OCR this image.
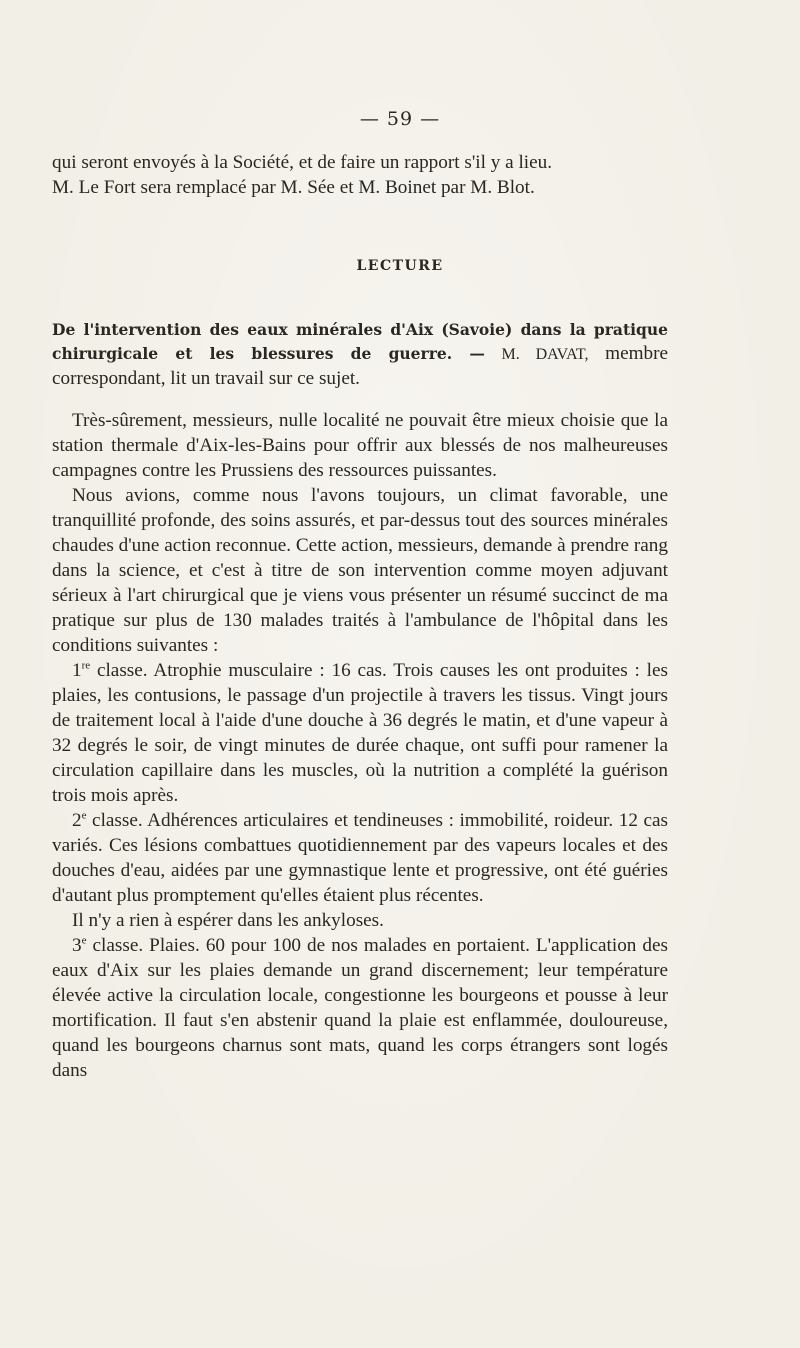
— 59 —

qui seront envoyés à la Société, et de faire un rapport s'il y a lieu.

M. Le Fort sera remplacé par M. Sée et M. Boinet par M. Blot.

LECTURE

De l'intervention des eaux minérales d'Aix (Savoie) dans la pratique chirurgicale et les blessures de guerre. — M. DAVAT, membre correspondant, lit un travail sur ce sujet.

Très-sûrement, messieurs, nulle localité ne pouvait être mieux choisie que la station thermale d'Aix-les-Bains pour offrir aux blessés de nos malheureuses campagnes contre les Prussiens des ressources puissantes.

Nous avions, comme nous l'avons toujours, un climat favorable, une tranquillité profonde, des soins assurés, et par-dessus tout des sources minérales chaudes d'une action reconnue. Cette action, messieurs, demande à prendre rang dans la science, et c'est à titre de son intervention comme moyen adjuvant sérieux à l'art chirurgical que je viens vous présenter un résumé succinct de ma pratique sur plus de 130 malades traités à l'ambulance de l'hôpital dans les conditions suivantes :

1re classe. Atrophie musculaire : 16 cas. Trois causes les ont produites : les plaies, les contusions, le passage d'un projectile à travers les tissus. Vingt jours de traitement local à l'aide d'une douche à 36 degrés le matin, et d'une vapeur à 32 degrés le soir, de vingt minutes de durée chaque, ont suffi pour ramener la circulation capillaire dans les muscles, où la nutrition a complété la guérison trois mois après.

2e classe. Adhérences articulaires et tendineuses : immobilité, roideur. 12 cas variés. Ces lésions combattues quotidiennement par des vapeurs locales et des douches d'eau, aidées par une gymnastique lente et progressive, ont été guéries d'autant plus promptement qu'elles étaient plus récentes.

Il n'y a rien à espérer dans les ankyloses.

3e classe. Plaies. 60 pour 100 de nos malades en portaient. L'application des eaux d'Aix sur les plaies demande un grand discernement; leur température élevée active la circulation locale, congestionne les bourgeons et pousse à leur mortification. Il faut s'en abstenir quand la plaie est enflammée, douloureuse, quand les bourgeons charnus sont mats, quand les corps étrangers sont logés dans
